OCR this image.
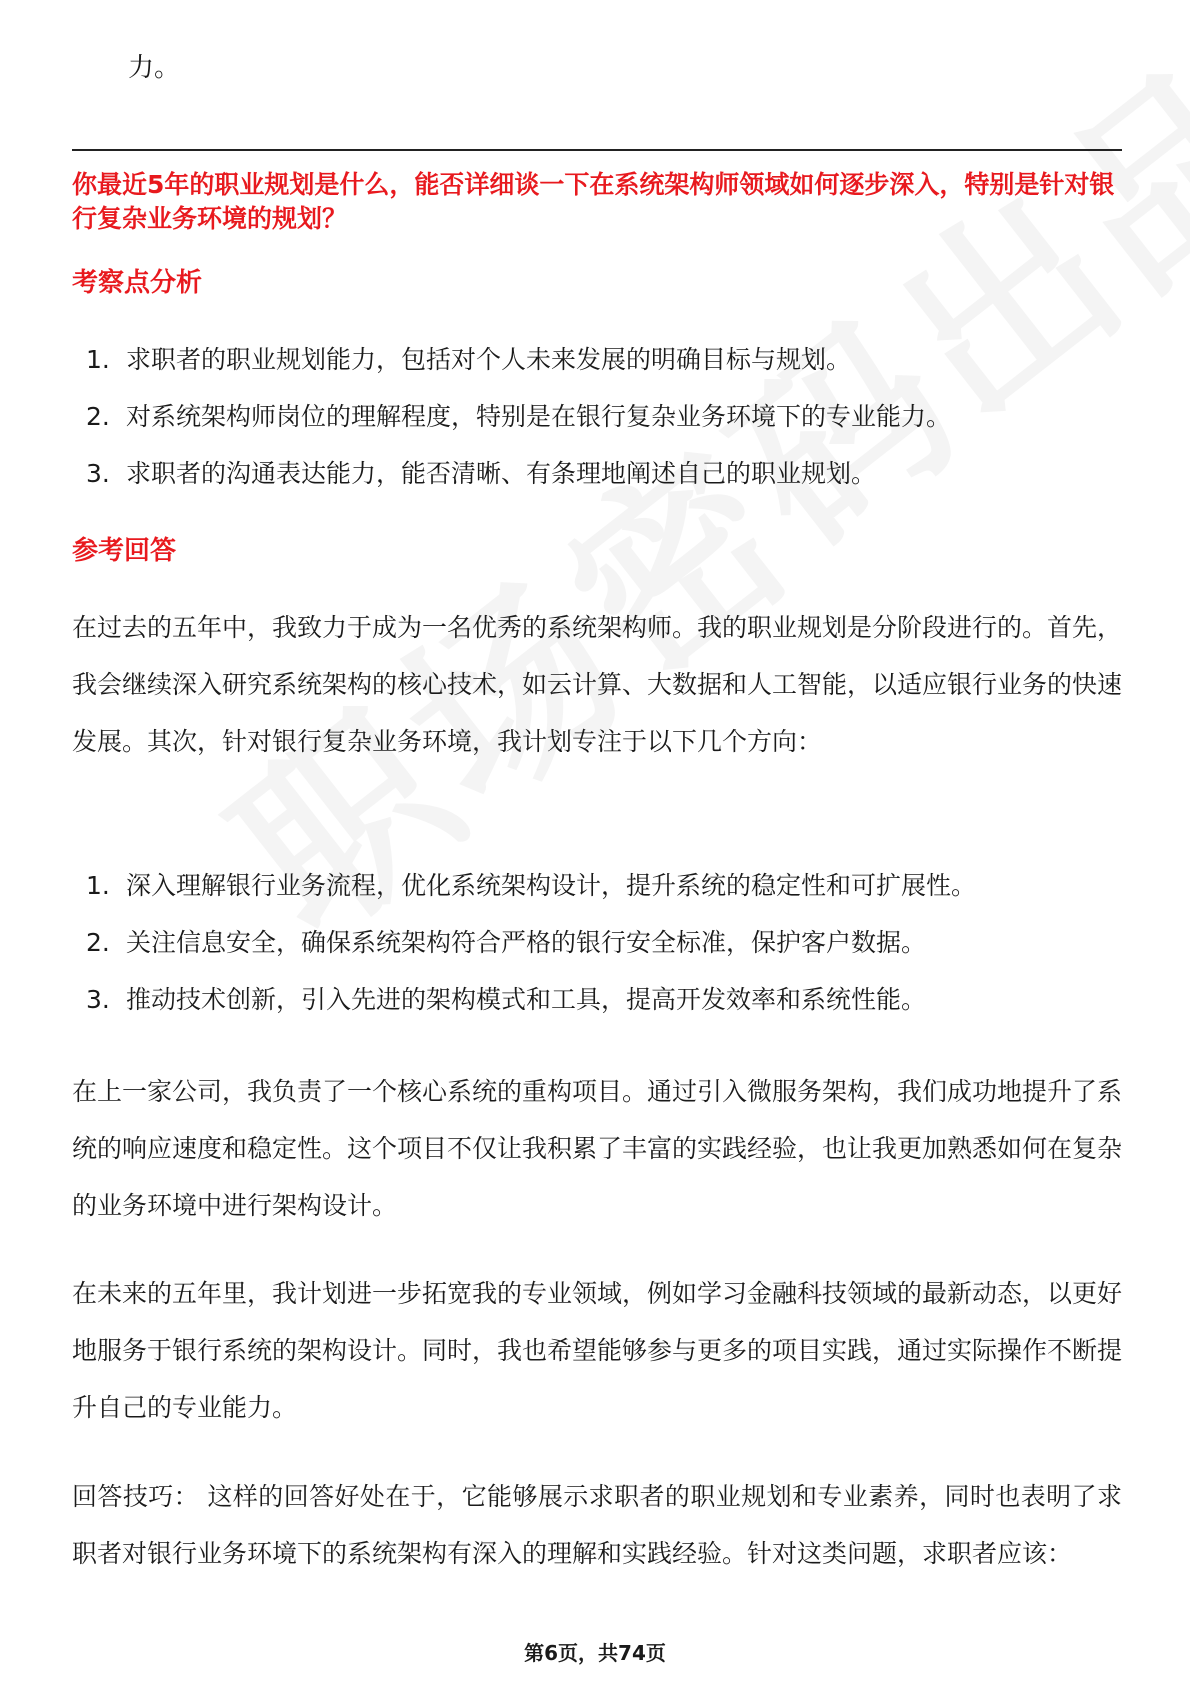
力。

你最近5年的职业规划是什么，能否详细谈一下在系统架构师领域如何逐步深入，特别是针对银行复杂业务环境的规划？

考察点分析
1. 求职者的职业规划能力，包括对个人未来发展的明确目标与规划。
2. 对系统架构师岗位的理解程度，特别是在银行复杂业务环境下的专业能力。
3. 求职者的沟通表达能力，能否清晰、有条理地阐述自己的职业规划。
参考回答

在过去的五年中，我致力于成为一名优秀的系统架构师。我的职业规划是分阶段进行的。首先，我会继续深入研究系统架构的核心技术，如云计算、大数据和人工智能，以适应银行业务的快速发展。其次，针对银行复杂业务环境，我计划专注于以下几个方向：

1. 深入理解银行业务流程，优化系统架构设计，提升系统的稳定性和可扩展性。
2. 关注信息安全，确保系统架构符合严格的银行安全标准，保护客户数据。
3. 推动技术创新，引入先进的架构模式和工具，提高开发效率和系统性能。

在上一家公司，我负责了一个核心系统的重构项目。通过引入微服务架构，我们成功地提升了系统的响应速度和稳定性。这个项目不仅让我积累了丰富的实践经验，也让我更加熟悉如何在复杂的业务环境中进行架构设计。

在未来的五年里，我计划进一步拓宽我的专业领域，例如学习金融科技领域的最新动态，以更好地服务于银行系统的架构设计。同时，我也希望能够参与更多的项目实践，通过实际操作不断提升自己的专业能力。

回答技巧： 这样的回答好处在于，它能够展示求职者的职业规划和专业素养，同时也表明了求职者对银行业务环境下的系统架构有深入的理解和实践经验。针对这类问题，求职者应该：

第6页，共74页
